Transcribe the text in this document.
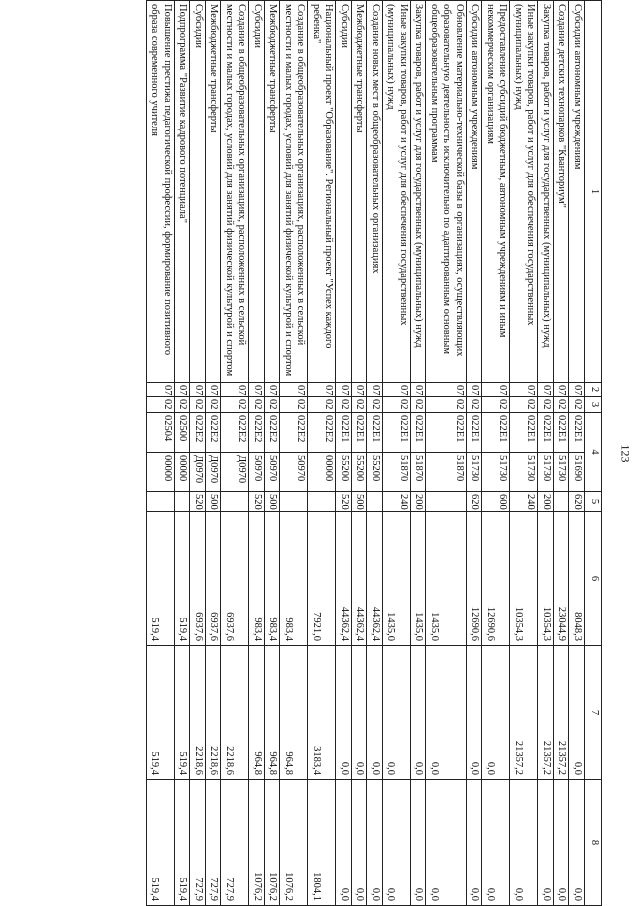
123
1	2	3	4		5	6	7	8
Субсидии автономным учреждениям	07	02	022Е1	51690	620	8048,3	0,0	0,0
Создание детских технопарков "Кванториум"	07	02	022Е1	51730		23044,9	21357,2	0,0
Закупка товаров, работ и услуг для государственных (муниципальных) нужд	07	02	022Е1	51730	200	10354,3	21357,2	0,0
Иные закупки товаров, работ и услуг для обеспечения государственных (муниципальных) нужд	07	02	022Е1	51730	240	10354,3	21357,2	0,0
Предоставление субсидий бюджетным, автономным учреждениям и иным некоммерческим организациям	07	02	022Е1	51730	600	12690,6	0,0	0,0
Субсидии автономным учреждениям	07	02	022Е1	51730	620	12690,6	0,0	0,0
Обновление материально-технической базы в организациях, осуществляющих образовательную деятельность исключительно по адаптированным основным общеобразовательным программам	07	02	022Е1	51870		1435,0	0,0	0,0
Закупка товаров, работ и услуг для государственных (муниципальных) нужд	07	02	022Е1	51870	200	1435,0	0,0	0,0
Иные закупки товаров, работ и услуг для обеспечения государственных (муниципальных) нужд	07	02	022Е1	51870	240	1435,0	0,0	0,0
Создание новых мест в общеобразовательных организациях	07	02	022Е1	55200		44362,4	0,0	0,0
Межбюджетные трансферты	07	02	022Е1	55200	500	44362,4	0,0	0,0
Субсидии	07	02	022Е1	55200	520	44362,4	0,0	0,0
Национальный проект "Образование". Региональный проект "Успех каждого ребенка"	07	02	022Е2	00000		7921,0	3183,4	1804,1
Создание в общеобразовательных организациях, расположенных в сельской местности и малых городах, условий для занятий физической культурой и спортом	07	02	022Е2	50970		983,4	964,8	1076,2
Межбюджетные трансферты	07	02	022Е2	50970	500	983,4	964,8	1076,2
Субсидии	07	02	022Е2	50970	520	983,4	964,8	1076,2
Создание в общеобразовательных организациях, расположенных в сельской местности и малых городах, условий для занятий физической культурой и спортом	07	02	022Е2	Д0970		6937,6	2218,6	727,9
Межбюджетные трансферты	07	02	022Е2	Д0970	500	6937,6	2218,6	727,9
Субсидии	07	02	022Е2	Д0970	520	6937,6	2218,6	727,9
Подпрограмма "Развитие кадрового потенциала"	07	02	02500	00000		519,4	519,4	519,4
Повышение престижа педагогической профессии, формирование позитивного образа современного учителя	07	02	02504	00000		519,4	519,4	519,4
